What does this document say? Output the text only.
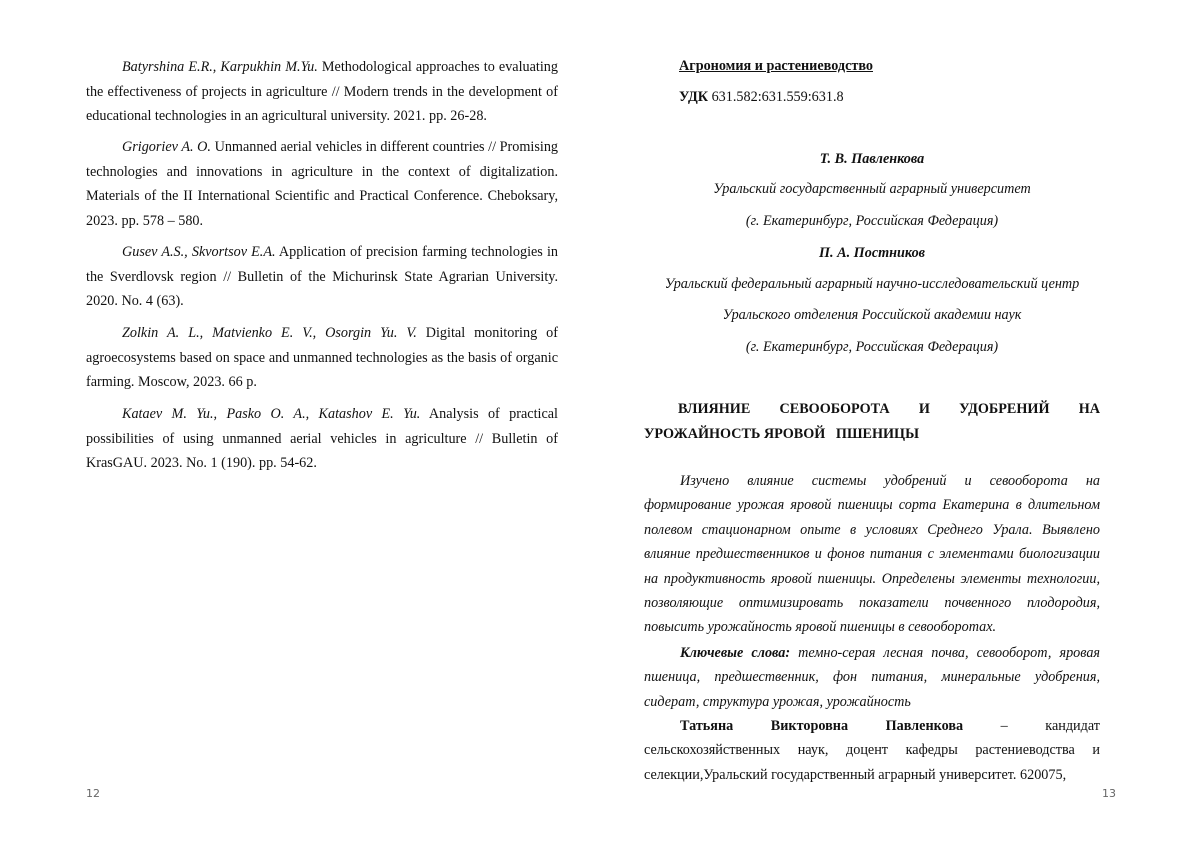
Batyrshina E.R., Karpukhin M.Yu. Methodological approaches to evaluating the effectiveness of projects in agriculture // Modern trends in the development of educational technologies in an agricultural university. 2021. pp. 26-28.
Grigoriev A. O. Unmanned aerial vehicles in different countries // Promising technologies and innovations in agriculture in the context of digitalization. Materials of the II International Scientific and Practical Conference. Cheboksary, 2023. pp. 578 – 580.
Gusev A.S., Skvortsov E.A. Application of precision farming technologies in the Sverdlovsk region // Bulletin of the Michurinsk State Agrarian University. 2020. No. 4 (63).
Zolkin A. L., Matvienko E. V., Osorgin Yu. V. Digital monitoring of agroecosystems based on space and unmanned technologies as the basis of organic farming. Moscow, 2023. 66 p.
Kataev M. Yu., Pasko O. A., Katashov E. Yu. Analysis of practical possibilities of using unmanned aerial vehicles in agriculture // Bulletin of KrasGAU. 2023. No. 1 (190). pp. 54-62.
12
Агрономия и растениеводство
УДК 631.582:631.559:631.8
Т. В. Павленкова
Уральский государственный аграрный университет
(г. Екатеринбург, Российская Федерация)
П. А. Постников
Уральский федеральный аграрный научно-исследовательский центр
Уральского отделения Российской академии наук
(г. Екатеринбург, Российская Федерация)
ВЛИЯНИЕ СЕВООБОРОТА И УДОБРЕНИЙ НА
УРОЖАЙНОСТЬ ЯРОВОЙ   ПШЕНИЦЫ
Изучено влияние системы удобрений и севооборота на формирование урожая яровой пшеницы сорта Екатерина в длительном полевом стационарном опыте в условиях Среднего Урала. Выявлено влияние предшественников и фонов питания с элементами биологизации на продуктивность яровой пшеницы. Определены элементы технологии, позволяющие оптимизировать показатели почвенного плодородия, повысить урожайность яровой пшеницы в севооборотах.
Ключевые слова: темно-серая лесная почва, севооборот, яровая пшеница, предшественник, фон питания, минеральные удобрения, сидерат, структура урожая, урожайность
Татьяна	Викторовна	Павленкова	–	кандидат
сельскохозяйственных наук, доцент кафедры растениеводства и селекции,Уральский государственный аграрный университет. 620075,
13
